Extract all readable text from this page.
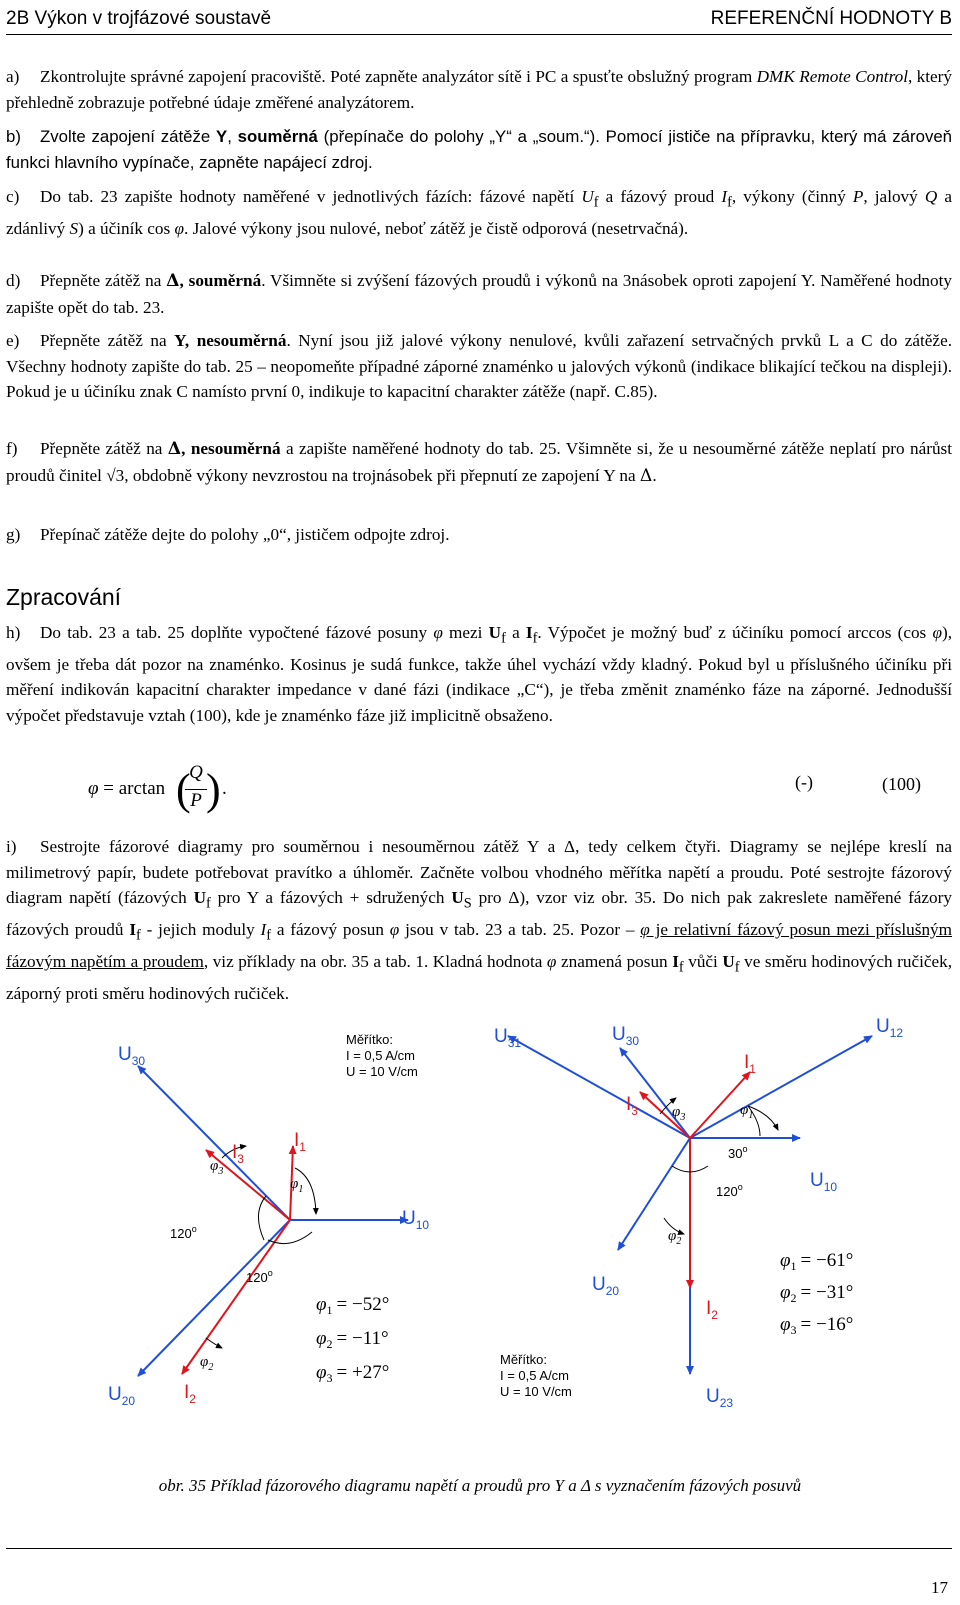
2B Výkon v trojfázové soustavě	REFERENČNÍ HODNOTY B
a) Zkontrolujte správné zapojení pracoviště. Poté zapněte analyzátor sítě i PC a spusťte obslužný program DMK Remote Control, který přehledně zobrazuje potřebné údaje změřené analyzátorem.
b) Zvolte zapojení zátěže Y, souměrná (přepínače do polohy „Y“ a „soum.“). Pomocí jističe na přípravku, který má zároveň funkci hlavního vypínače, zapněte napájecí zdroj.
c) Do tab. 23 zapište hodnoty naměřené v jednotlivých fázích: fázové napětí $U_f$ a fázový proud $I_f$, výkony (činný P, jalový Q a zdánlivý S) a účiník cos φ. Jalové výkony jsou nulové, neboť zátěž je čistě odporová (nesetrvačná).
d) Přepněte zátěž na Δ, souměrná. Všimněte si zvýšení fázových proudů i výkonů na 3násobek oproti zapojení Y. Naměřené hodnoty zapište opět do tab. 23.
e) Přepněte zátěž na Y, nesouměrná. Nyní jsou již jalové výkony nenulové, kvůli zařazení setrvačných prvků L a C do zátěže. Všechny hodnoty zapište do tab. 25 – neopomeňte případné záporné znaménko u jalových výkonů (indikace blikající tečkou na displeji). Pokud je u účiníku znak C namísto první 0, indikuje to kapacitní charakter zátěže (např. C.85).
f) Přepněte zátěž na Δ, nesouměrná a zapište naměřené hodnoty do tab. 25. Všimněte si, že u nesouměrné zátěže neplatí pro nárůst proudů činitel √3, obdobně výkony nevzrostou na trojnásobek při přepnutí ze zapojení Y na Δ.
g) Přepínač zátěže dejte do polohy „0“, jističem odpojte zdroj.
Zpracování
h) Do tab. 23 a tab. 25 doplňte vypočtené fázové posuny φ mezi $U_f$ a $I_f$. Výpočet je možný buď z účiníku pomocí arccos (cos φ), ovšem je třeba dát pozor na znaménko. Kosinus je sudá funkce, takže úhel vychází vždy kladný. Pokud byl u příslušného účiníku při měření indikován kapacitní charakter impedance v dané fázi (indikace „C“), je třeba změnit znaménko fáze na záporné. Jednodušší výpočet představuje vztah (100), kde je znaménko fáze již implicitně obsaženo.
φ = arctan (
Q
P ) .	(-)	(100)
i) Sestrojte fázorové diagramy pro souměrnou i nesouměrnou zátěž Y a Δ, tedy celkem čtyři. Diagramy se nejlépe kreslí na milimetrový papír, budete potřebovat pravítko a úhloměr. Začněte volbou vhodného měřítka napětí a proudu. Poté sestrojte fázorový diagram napětí (fázových $U_f$ pro Y a fázových + sdružených $U_S$ pro Δ), vzor viz obr. 35. Do nich pak zakreslete naměřené fázory fázových proudů $I_f$ - jejich moduly $I_f$ a fázový posun φ jsou v tab. 23 a tab. 25. Pozor – φ je relativní fázový posun mezi příslušným fázovým napětím a proudem, viz příklady na obr. 35 a tab. 1. Kladná hodnota φ znamená posun $I_f$ vůči $U_f$ ve směru hodinových ručiček, záporný proti směru hodinových ručiček.
$U_{30}$
$U_{10}$
$U_{20}$
$I_1$
$I_3$
$I_2$
$\varphi_1$
$\varphi_3$
$\varphi_2$
120$^o$
120$^o$
Měřítko:
I = 0,5 A/cm
U = 10 V/cm
$\varphi_1 = -52^\circ$
$\varphi_2 = -11^\circ$
$\varphi_3 = +27^\circ$
$U_{31}$	$U_{30}$
$U_{12}$
$U_{10}$
$U_{20}$
$U_{23}$
$I_1$
$I_3$
$I_2$
$\varphi_1$
$\varphi_3$
$\varphi_2$
30$^o$
120$^o$
Měřítko:
I = 0,5 A/cm
U = 10 V/cm
$\varphi_1 = -61^\circ$
$\varphi_2 = -31^\circ$
$\varphi_3 = -16^\circ$
obr. 35 Příklad fázorového diagramu napětí a proudů pro Y a Δ s vyznačením fázových posuvů
17
